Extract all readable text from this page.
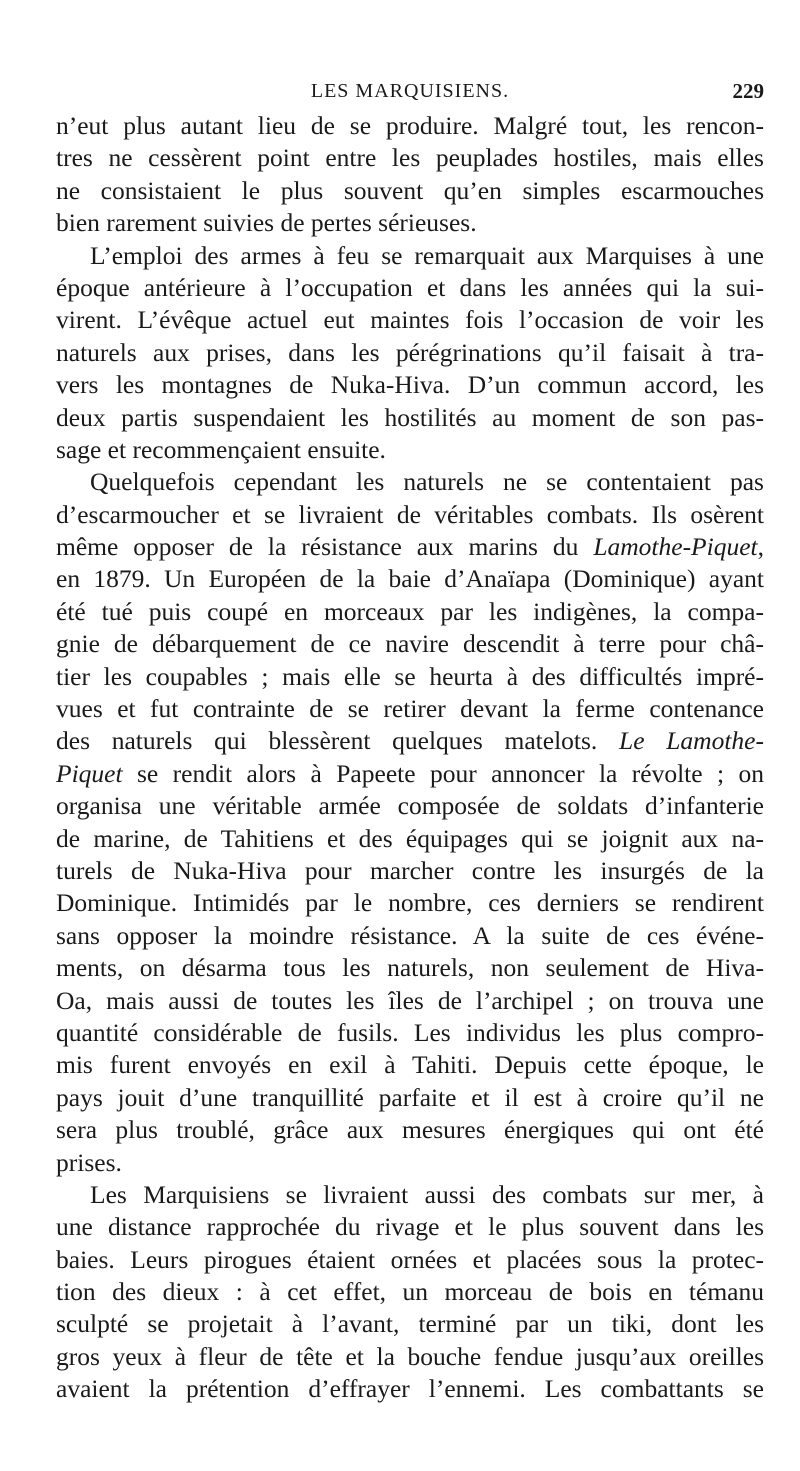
LES MARQUISIENS.	229
n’eut plus autant lieu de se produire. Malgré tout, les rencon-
tres ne cessèrent point entre les peuplades hostiles, mais elles
ne consistaient le plus souvent qu’en simples escarmouches
bien rarement suivies de pertes sérieuses.
L’emploi des armes à feu se remarquait aux Marquises à une
époque antérieure à l’occupation et dans les années qui la sui-
virent. L’évêque actuel eut maintes fois l’occasion de voir les
naturels aux prises, dans les pérégrinations qu’il faisait à tra-
vers les montagnes de Nuka-Hiva. D’un commun accord, les
deux partis suspendaient les hostilités au moment de son pas-
sage et recommençaient ensuite.
Quelquefois cependant les naturels ne se contentaient pas
d’escarmoucher et se livraient de véritables combats. Ils osèrent
même opposer de la résistance aux marins du Lamothe-Piquet,
en 1879. Un Européen de la baie d’Anaïapa (Dominique) ayant
été tué puis coupé en morceaux par les indigènes, la compa-
gnie de débarquement de ce navire descendit à terre pour châ-
tier les coupables ; mais elle se heurta à des difficultés impré-
vues et fut contrainte de se retirer devant la ferme contenance
des naturels qui blessèrent quelques matelots. Le Lamothe-
Piquet se rendit alors à Papeete pour annoncer la révolte ; on
organisa une véritable armée composée de soldats d’infanterie
de marine, de Tahitiens et des équipages qui se joignit aux na-
turels de Nuka-Hiva pour marcher contre les insurgés de la
Dominique. Intimidés par le nombre, ces derniers se rendirent
sans opposer la moindre résistance. A la suite de ces événe-
ments, on désarma tous les naturels, non seulement de Hiva-
Oa, mais aussi de toutes les îles de l’archipel ; on trouva une
quantité considérable de fusils. Les individus les plus compro-
mis furent envoyés en exil à Tahiti. Depuis cette époque, le
pays jouit d’une tranquillité parfaite et il est à croire qu’il ne
sera plus troublé, grâce aux mesures énergiques qui ont été
prises.
Les Marquisiens se livraient aussi des combats sur mer, à
une distance rapprochée du rivage et le plus souvent dans les
baies. Leurs pirogues étaient ornées et placées sous la protec-
tion des dieux : à cet effet, un morceau de bois en témanu
sculpté se projetait à l’avant, terminé par un tiki, dont les
gros yeux à fleur de tête et la bouche fendue jusqu’aux oreilles
avaient la prétention d’effrayer l’ennemi. Les combattants se
